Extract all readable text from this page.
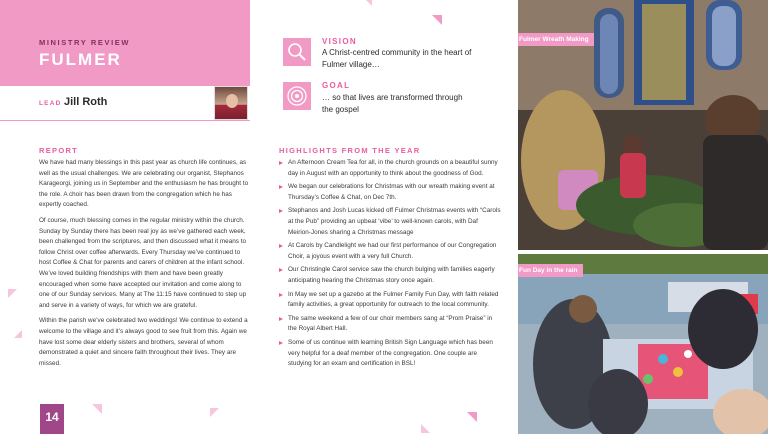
MINISTRY REVIEW
FULMER
LEAD Jill Roth
REPORT

We have had many blessings in this past year as church life continues, as well as the usual challenges. We are celebrating our organist, Stephanos Karageorgi, joining us in September and the enthusiasm he has brought to the role. A choir has been drawn from the congregation which he has expertly coached.

Of course, much blessing comes in the regular ministry within the church. Sunday by Sunday there has been real joy as we’ve gathered each week, been challenged from the scriptures, and then discussed what it means to follow Christ over coffee afterwards. Every Thursday we’ve continued to host Coffee & Chat for parents and carers of children at the infant school. We’ve loved building friendships with them and have been greatly encouraged when some have accepted our invitation and come along to one of our Sunday services. Many at The 11:15 have continued to step up and serve in a variety of ways, for which we are grateful.

Within the parish we’ve celebrated two weddings! We continue to extend a welcome to the village and it’s always good to see fruit from this. Again we have lost some dear elderly sisters and brothers, several of whom demonstrated a quiet and sincere faith throughout their lives. They are missed.

VISION
A Christ-centred community in the heart of Fulmer village…
GOAL
… so that lives are transformed through the gospel
HIGHLIGHTS FROM THE YEAR
An Afternoon Cream Tea for all, in the church grounds on a beautiful sunny day in August with an opportunity to think about the goodness of God.
We began our celebrations for Christmas with our wreath making event at Thursday’s Coffee & Chat, on Dec 7th.
Stephanos and Josh Lucas kicked off Fulmer Christmas events with “Carols at the Pub” providing an upbeat ‘vibe’ to well-known carols, with Daf Meirion-Jones sharing a Christmas message
At Carols by Candlelight we had our first performance of our Congregation Choir, a joyous event with a very full Church.
Our Christingle Carol service saw the church bulging with families eagerly anticipating hearing the Christmas story once again.
In May we set up a gazebo at the Fulmer Family Fun Day, with faith related family activities, a great opportunity for outreach to the local community.
The same weekend a few of our choir members sang at “Prom Praise” in the Royal Albert Hall.
Some of us continue with learning British Sign Language which has been very helpful for a deaf member of the congregation. One couple are studying for an exam and certification in BSL!
14
Fulmer Wreath Making
Fun Day in the rain
